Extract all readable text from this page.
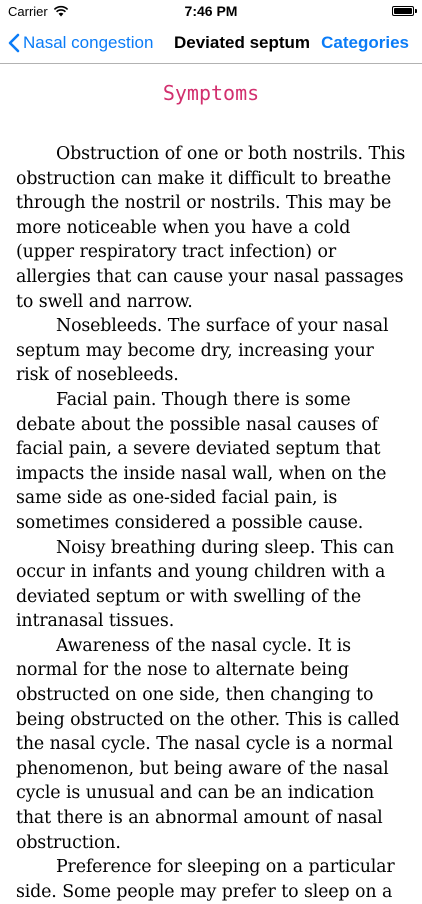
Carrier	7:46 PM
Nasal congestion Deviated septum Categories
Symptoms

Obstruction of one or both nostrils. This obstruction can make it difficult to breathe through the nostril or nostrils. This may be more noticeable when you have a cold (upper respiratory tract infection) or allergies that can cause your nasal passages to swell and narrow.

Nosebleeds. The surface of your nasal septum may become dry, increasing your risk of nosebleeds.

Facial pain. Though there is some debate about the possible nasal causes of facial pain, a severe deviated septum that impacts the inside nasal wall, when on the same side as one-sided facial pain, is sometimes considered a possible cause.

Noisy breathing during sleep. This can occur in infants and young children with a deviated septum or with swelling of the intranasal tissues.

Awareness of the nasal cycle. It is normal for the nose to alternate being obstructed on one side, then changing to being obstructed on the other. This is called the nasal cycle. The nasal cycle is a normal phenomenon, but being aware of the nasal cycle is unusual and can be an indication that there is an abnormal amount of nasal obstruction.

Preference for sleeping on a particular side. Some people may prefer to sleep on a
